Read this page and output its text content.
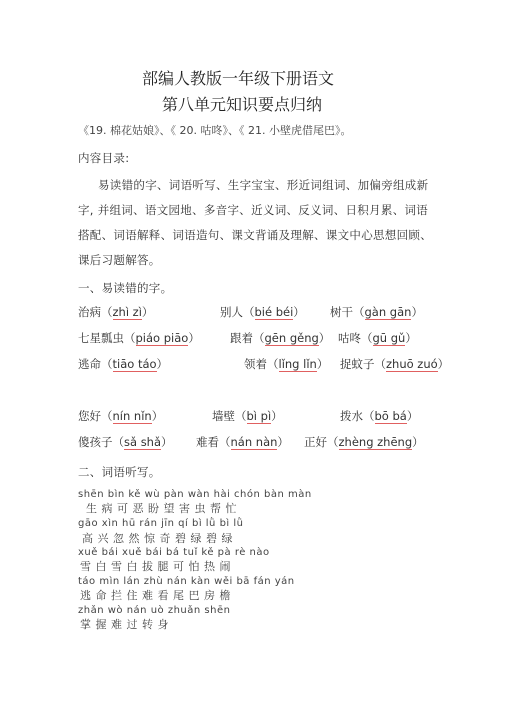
部编人教版一年级下册语文
第八单元知识要点归纳
《19. 棉花姑娘》、《 20. 咕咚》、《 21. 小壁虎借尾巴》。
内容目录:
易读错的字、词语听写、生字宝宝、形近词组词、加偏旁组成新
字, 并组词、语文园地、多音字、近义词、反义词、日积月累、词语
搭配、词语解释、词语造句、课文背诵及理解、课文中心思想回顾、
课后习题解答。
一、易读错的字。
治病（zhì zì）	别人（bié béi） 树干（gàn gān）
七星瓢虫（piáo piāo）	跟着（gēn gěng） 咕咚（gū gǔ）
逃命（tiāo táo）	领着（lǐng lǐn） 捉蚊子（zhuō zuó）
您好（nín nǐn）	墙壁（bì pì）	拨水（bō bá）
傻孩子（sǎ shǎ） 难看（nán nàn） 正好（zhèng zhēng）
二、词语听写。
shēn bìn kě wù pàn wàn hài chón bàn màn
生 病 可 恶 盼 望 害 虫 帮 忙
gāo xìn hū rán jīn qí bì lǜ bì lǜ
高 兴 忽 然 惊 奇 碧 绿 碧 绿
xuě bái xuě bái bá tuǐ kě pà rè nào
雪 白 雪 白 拔 腿 可 怕 热 闹
táo mìn lán zhù nán kàn wěi bā fán yán
逃 命 拦 住 难 看 尾 巴 房 檐
zhǎn wò nán uò zhuǎn shēn
掌 握 难 过 转 身
